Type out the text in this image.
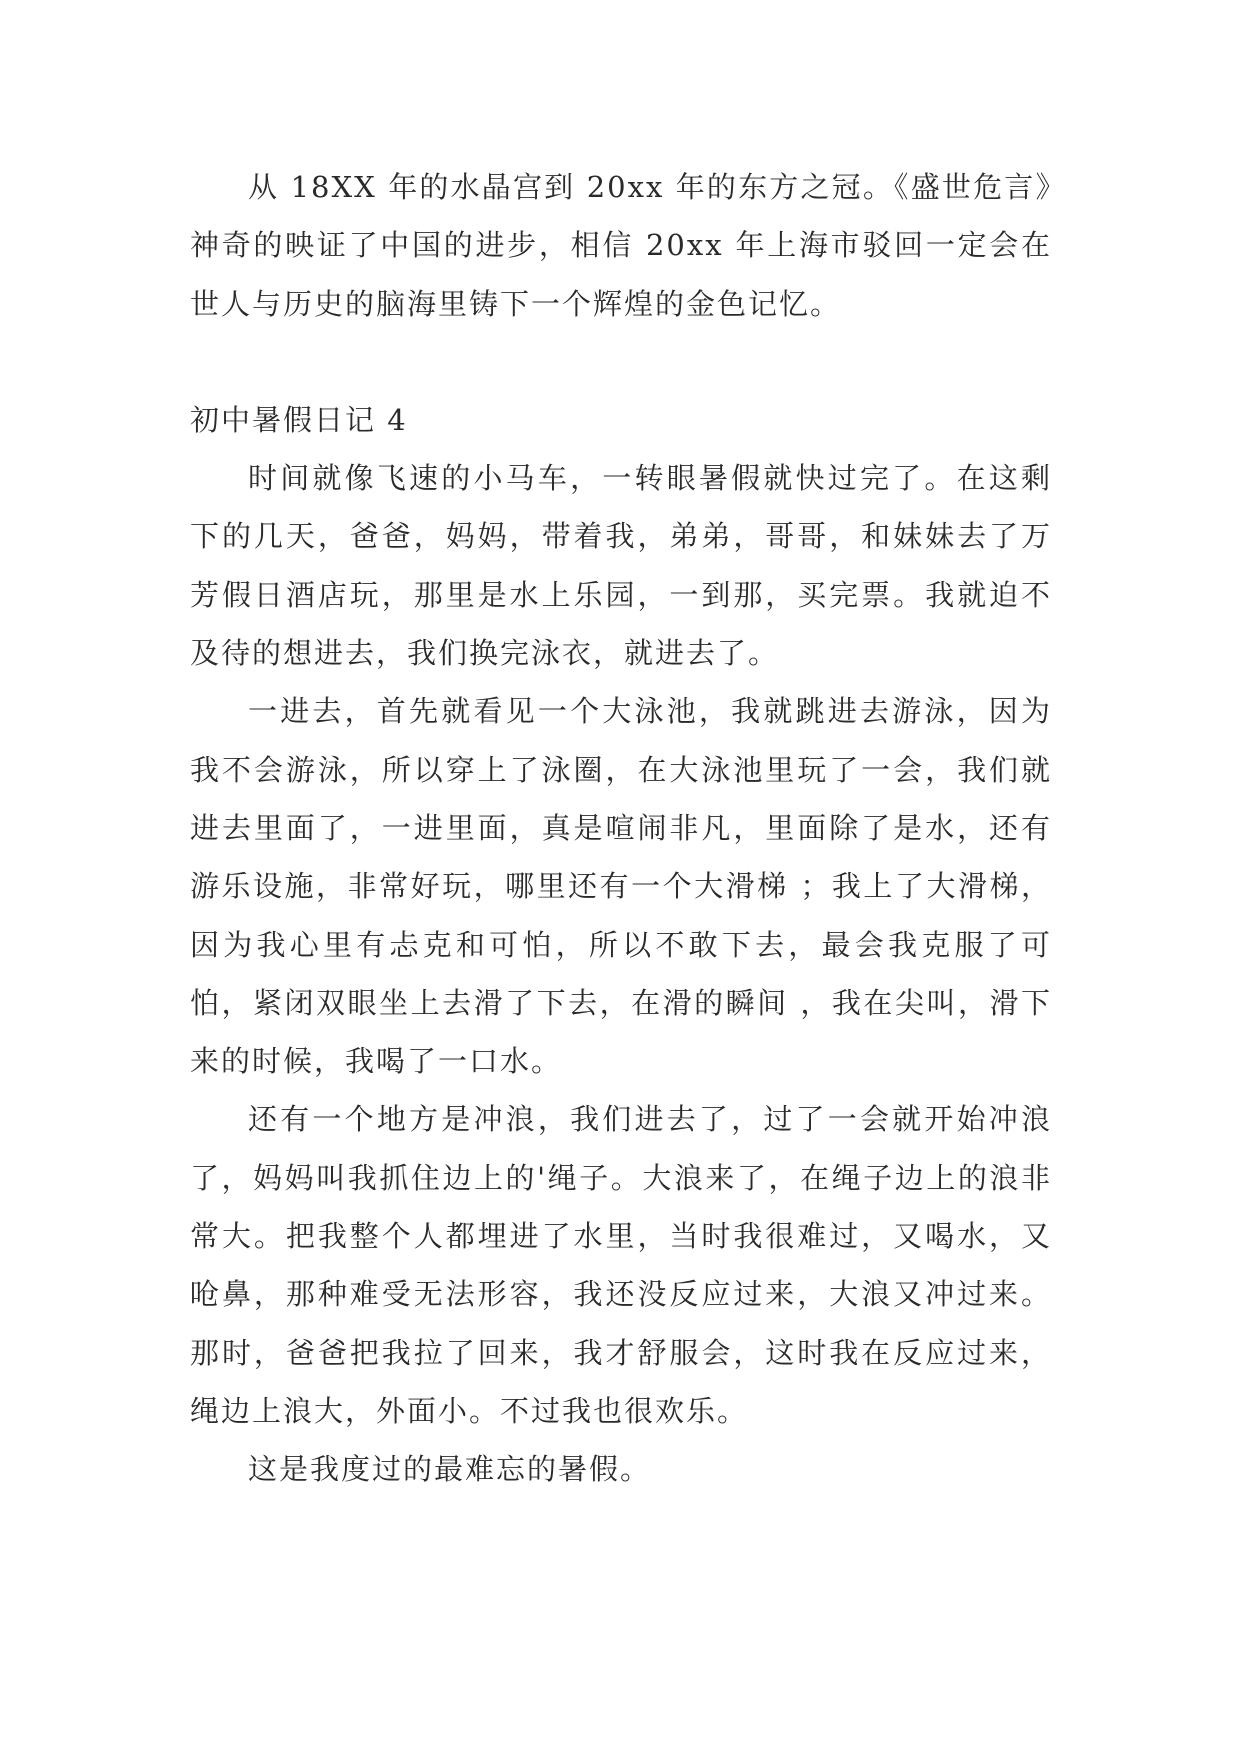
从 18XX 年的水晶宫到 20xx 年的东方之冠。《盛世危言》神奇的映证了中国的进步，相信 20xx 年上海市驳回一定会在世人与历史的脑海里铸下一个辉煌的金色记忆。

初中暑假日记 4

时间就像飞速的小马车，一转眼暑假就快过完了。在这剩下的几天，爸爸，妈妈，带着我，弟弟，哥哥，和妹妹去了万芳假日酒店玩，那里是水上乐园，一到那，买完票。我就迫不及待的想进去，我们换完泳衣，就进去了。

一进去，首先就看见一个大泳池，我就跳进去游泳，因为我不会游泳，所以穿上了泳圈，在大泳池里玩了一会，我们就进去里面了，一进里面，真是喧闹非凡，里面除了是水，还有游乐设施，非常好玩，哪里还有一个大滑梯 ；我上了大滑梯，因为我心里有忐克和可怕，所以不敢下去，最会我克服了可怕，紧闭双眼坐上去滑了下去，在滑的瞬间 ，我在尖叫，滑下来的时候，我喝了一口水。

还有一个地方是冲浪，我们进去了，过了一会就开始冲浪了，妈妈叫我抓住边上的'绳子。大浪来了，在绳子边上的浪非常大。把我整个人都埋进了水里，当时我很难过，又喝水，又呛鼻，那种难受无法形容，我还没反应过来，大浪又冲过来。那时，爸爸把我拉了回来，我才舒服会，这时我在反应过来，绳边上浪大，外面小。不过我也很欢乐。

这是我度过的最难忘的暑假。
